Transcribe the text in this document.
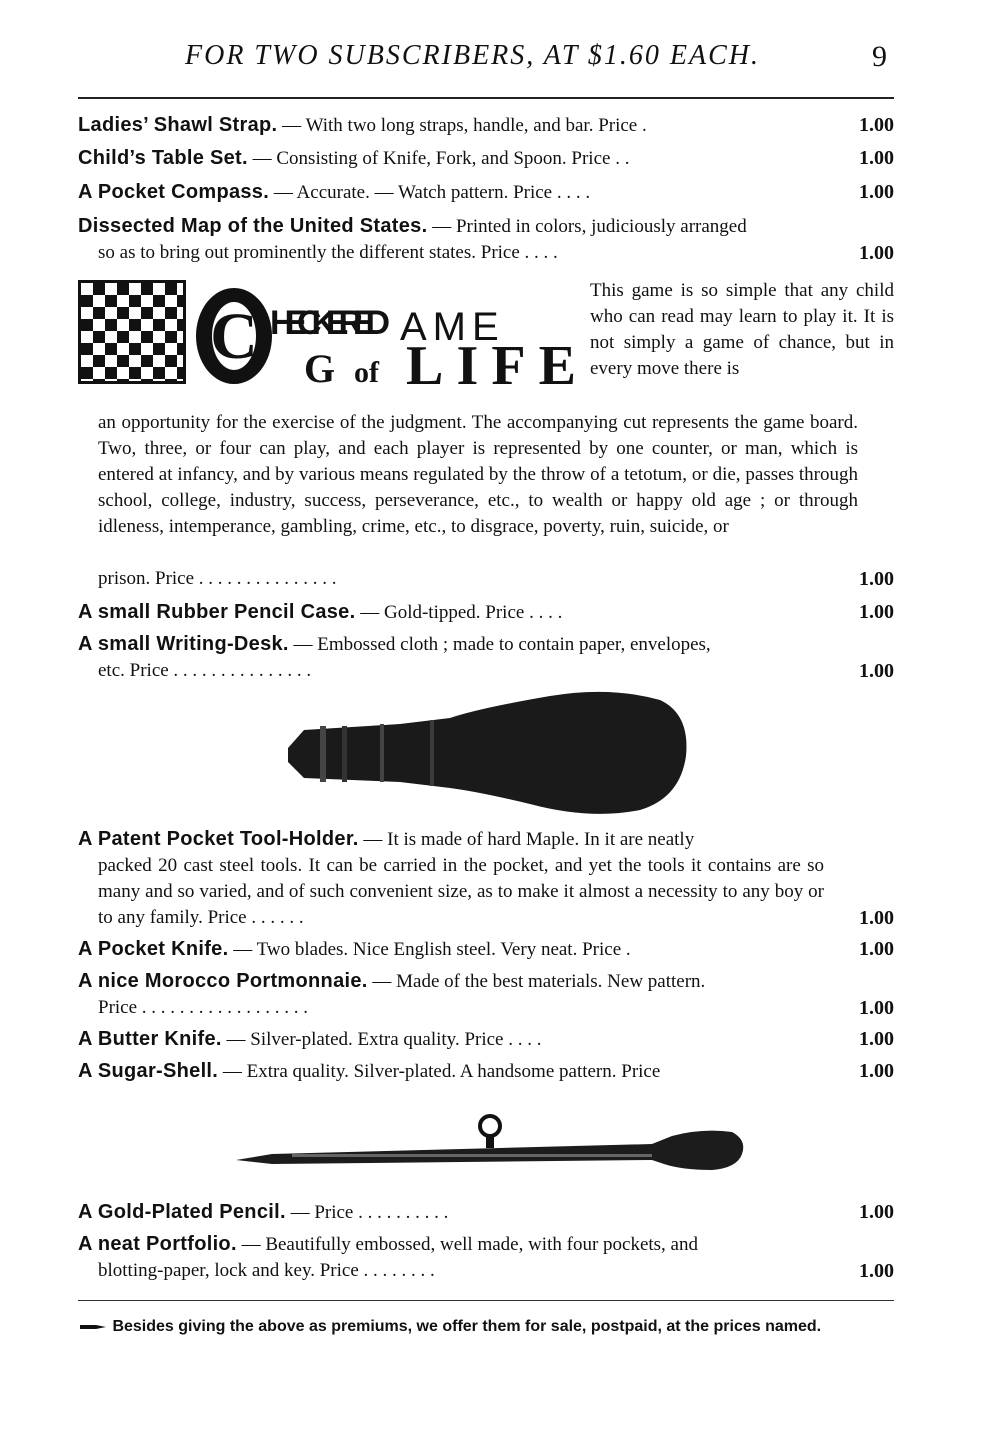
FOR TWO SUBSCRIBERS, AT $1.60 EACH.	9
Ladies’ Shawl Strap. — With two long straps, handle, and bar. Price .	1.00
Child’s Table Set. — Consisting of Knife, Fork, and Spoon. Price . .	1.00
A Pocket Compass. — Accurate. — Watch pattern. Price . . . .	1.00
Dissected Map of the United States. — Printed in colors, judiciously arranged
so as to bring out prominently the different states. Price . . . .	1.00
C HECKERED AME
G of LIFE
This game is so simple that any child who can read may learn to play it. It is not simply a game of chance, but in every move there is
an opportunity for the exercise of the judgment. The accompanying cut represents the game board. Two, three, or four can play, and each player is represented by one counter, or man, which is entered at infancy, and by various means regulated by the throw of a tetotum, or die, passes through school, college, industry, success, perseverance, etc., to wealth or happy old age ; or through idleness, intemperance, gambling, crime, etc., to disgrace, poverty, ruin, suicide, or
prison. Price . . . . . . . . . . . . . . .	1.00
A small Rubber Pencil Case. — Gold-tipped. Price . . . .	1.00
A small Writing-Desk. — Embossed cloth ; made to contain paper, envelopes,
etc. Price . . . . . . . . . . . . . . .	1.00
A Patent Pocket Tool-Holder. — It is made of hard Maple. In it are neatly
packed 20 cast steel tools. It can be carried in the pocket, and yet the tools it contains are so many and so varied, and of such convenient size, as to make it almost a necessity to any boy or to any family. Price . . . . . .	1.00
A Pocket Knife. — Two blades. Nice English steel. Very neat. Price .	1.00
A nice Morocco Portmonnaie. — Made of the best materials. New pattern.
Price . . . . . . . . . . . . . . . . . .	1.00
A Butter Knife. — Silver-plated. Extra quality. Price . . . .	1.00
A Sugar-Shell. — Extra quality. Silver-plated. A handsome pattern. Price	1.00
A Gold-Plated Pencil. — Price . . . . . . . . . .	1.00
A neat Portfolio. — Beautifully embossed, well made, with four pockets, and
blotting-paper, lock and key. Price . . . . . . . .	1.00
Besides giving the above as premiums, we offer them for sale, postpaid, at the prices named.
